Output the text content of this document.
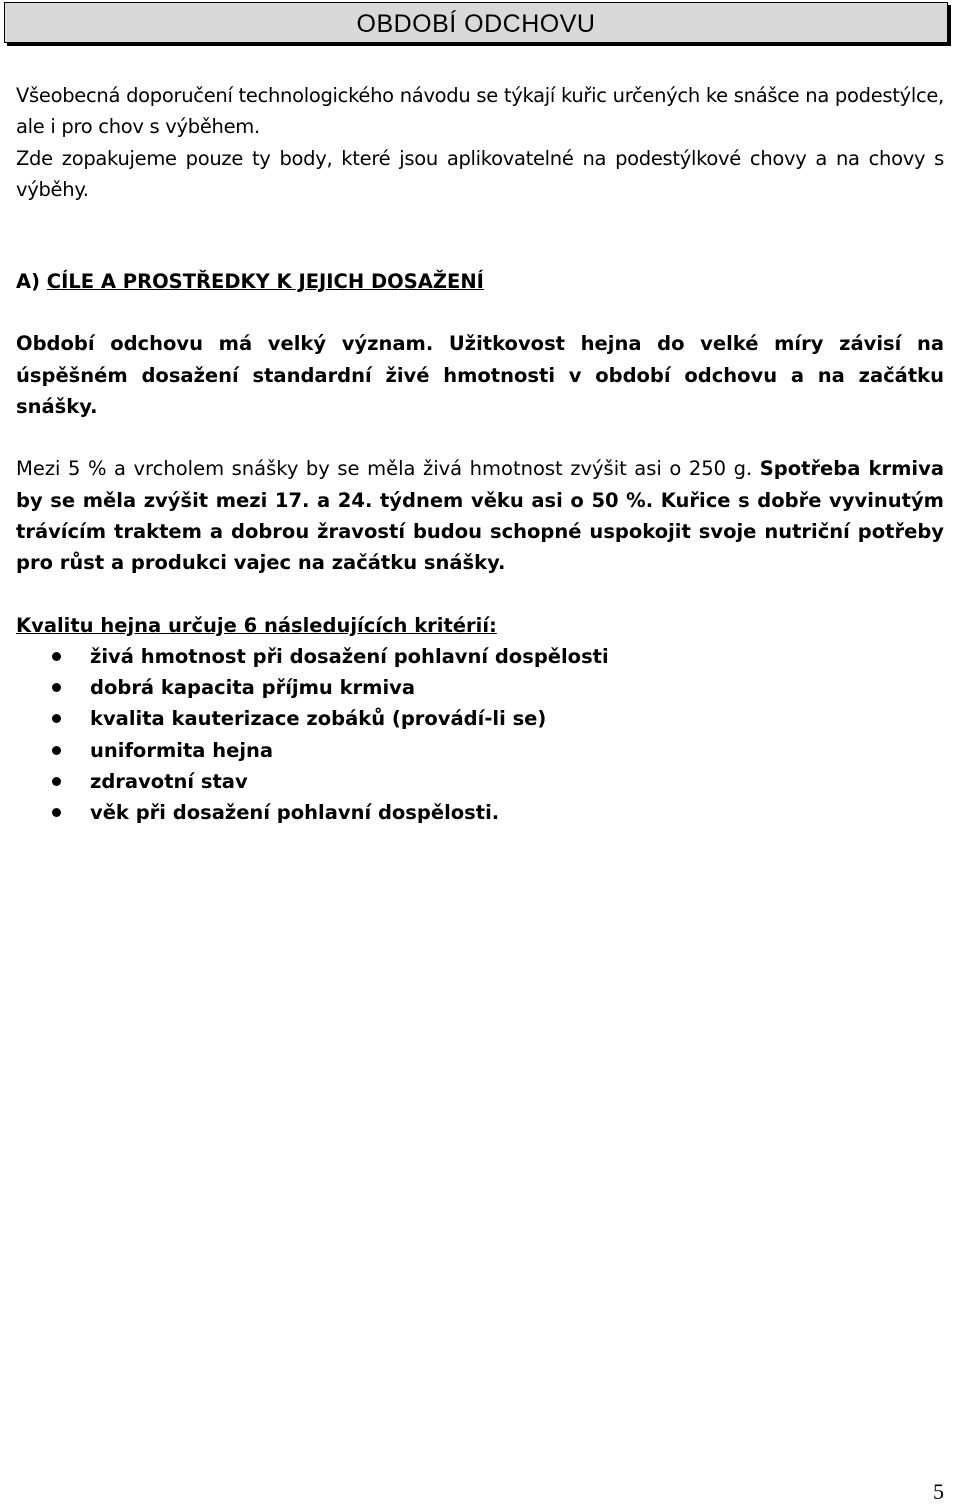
OBDOBÍ ODCHOVU

Všeobecná doporučení technologického návodu se týkají kuřic určených ke snášce na podestýlce, ale i pro chov s výběhem.

Zde zopakujeme pouze ty body, které jsou aplikovatelné na podestýlkové chovy a na chovy s výběhy.

A) CÍLE A PROSTŘEDKY K JEJICH DOSAŽENÍ

Období odchovu má velký význam. Užitkovost hejna do velké míry závisí na úspěšném dosažení standardní živé hmotnosti v období odchovu a na začátku snášky.

Mezi 5 % a vrcholem snášky by se měla živá hmotnost zvýšit asi o 250 g. Spotřeba krmiva by se měla zvýšit mezi 17. a 24. týdnem věku asi o 50 %. Kuřice s dobře vyvinutým trávícím traktem a dobrou žravostí budou schopné uspokojit svoje nutriční potřeby pro růst a produkci vajec na začátku snášky.

Kvalitu hejna určuje 6 následujících kritérií:

živá hmotnost při dosažení pohlavní dospělosti
dobrá kapacita příjmu krmiva
kvalita kauterizace zobáků (provádí-li se)
uniformita hejna
zdravotní stav
věk při dosažení pohlavní dospělosti.
5
